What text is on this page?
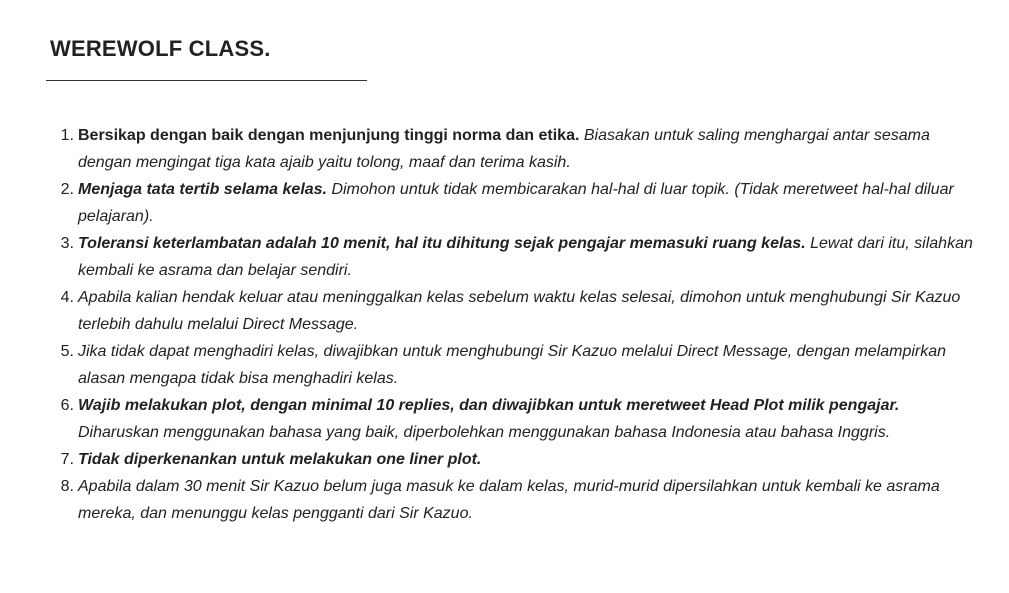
WEREWOLF CLASS.
1. Bersikap dengan baik dengan menjunjung tinggi norma dan etika. Biasakan untuk saling menghargai antar sesama dengan mengingat tiga kata ajaib yaitu tolong, maaf dan terima kasih.
2. Menjaga tata tertib selama kelas. Dimohon untuk tidak membicarakan hal-hal di luar topik. (Tidak meretweet hal-hal diluar pelajaran).
3. Toleransi keterlambatan adalah 10 menit, hal itu dihitung sejak pengajar memasuki ruang kelas. Lewat dari itu, silahkan kembali ke asrama dan belajar sendiri.
4. Apabila kalian hendak keluar atau meninggalkan kelas sebelum waktu kelas selesai, dimohon untuk menghubungi Sir Kazuo terlebih dahulu melalui Direct Message.
5. Jika tidak dapat menghadiri kelas, diwajibkan untuk menghubungi Sir Kazuo melalui Direct Message, dengan melampirkan alasan mengapa tidak bisa menghadiri kelas.
6. Wajib melakukan plot, dengan minimal 10 replies, dan diwajibkan untuk meretweet Head Plot milik pengajar. Diharuskan menggunakan bahasa yang baik, diperbolehkan menggunakan bahasa Indonesia atau bahasa Inggris.
7. Tidak diperkenankan untuk melakukan one liner plot.
8. Apabila dalam 30 menit Sir Kazuo belum juga masuk ke dalam kelas, murid-murid dipersilahkan untuk kembali ke asrama mereka, dan menunggu kelas pengganti dari Sir Kazuo.
